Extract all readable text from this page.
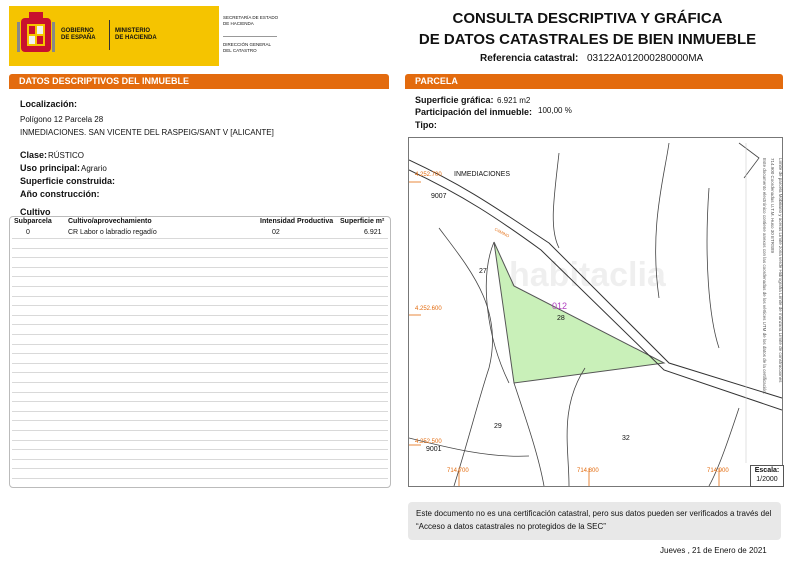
GOBIERNO
DE ESPAÑA
MINISTERIO
DE HACIENDA
SECRETARÍA DE ESTADO
DE HACIENDA
DIRECCIÓN GENERAL
DEL CATASTRO
CONSULTA DESCRIPTIVA Y GRÁFICA
DE DATOS CATASTRALES DE BIEN INMUEBLE
Referencia catastral: 03122A012000280000MA
DATOS DESCRIPTIVOS DEL INMUEBLE
Localización:
Polígono 12 Parcela 28
INMEDIACIONES. SAN VICENTE DEL RASPEIG/SANT V [ALICANTE]
Clase: RÚSTICO
Uso principal: Agrario
Superficie construida:
Año construcción:
Cultivo
Subparcela Cultivo/aprovechamiento	Intensidad Productiva Superficie m²
0	CR Labor o labradío regadío	02	6.921
PARCELA
Superficie gráfica: 6.921 m2
Participación del inmueble: 100,00 %
Tipo:
INMEDIACIONES
CAMINO
012
9007
27
28
29
32
9001
4.252.700
4.252.600
4.252.500
714.700	714.800	714.900
habitaclia
714.900 Coordenadas U.T.M. Huso 30 ETRS89
Este documento electrónico contiene anexos con las coordenadas de los vértices UTM de los datos de la certificación.	Límite de parcela Mobiliario y aceras Límite zona verde Hidrografía Límite de manzana Límite de construcciones
Escala:
1/2000
Este documento no es una certificación catastral, pero sus datos pueden ser verificados a través del “Acceso a datos catastrales no protegidos de la SEC”
Jueves , 21 de Enero de 2021
